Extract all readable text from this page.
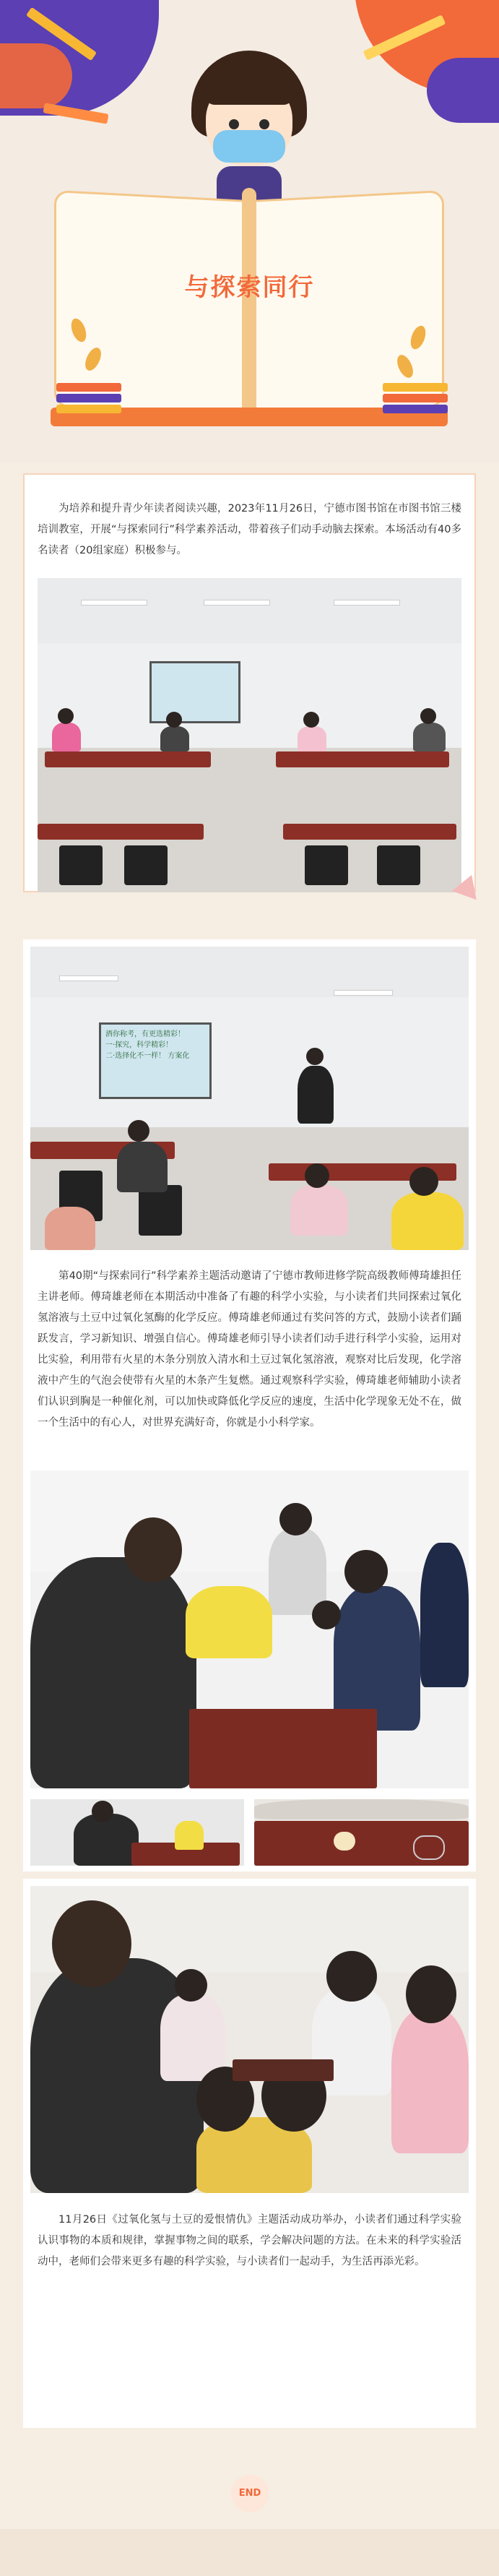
与探索同行
为培养和提升青少年读者阅读兴趣，2023年11月26日，宁德市图书馆在市图书馆三楼培训教室，开展“与探索同行”科学素养活动，带着孩子们动手动脑去探索。本场活动有40多名读者（20组家庭）积极参与。
酒你称考，有更选精彩！
一·探究，科学精彩！
二·选择化不一样！ 方案化
第40期“与探索同行”科学素养主题活动邀请了宁德市教师进修学院高级教师傅琦雄担任主讲老师。傅琦雄老师在本期活动中准备了有趣的科学小实验，与小读者们共同探索过氧化氢溶液与土豆中过氧化氢酶的化学反应。傅琦雄老师通过有奖问答的方式，鼓励小读者们踊跃发言，学习新知识、增强自信心。傅琦雄老师引导小读者们动手进行科学小实验，运用对比实验，利用带有火星的木条分别放入清水和土豆过氧化氢溶液，观察对比后发现，化学溶液中产生的气泡会使带有火星的木条产生复燃。通过观察科学实验，傅琦雄老师辅助小读者们认识到胸是一种催化剂，可以加快或降低化学反应的速度，生活中化学现象无处不在，做一个生活中的有心人，对世界充满好奇，你就是小小科学家。
11月26日《过氧化氢与土豆的爱恨情仇》主题活动成功举办，小读者们通过科学实验认识事物的本质和规律，掌握事物之间的联系，学会解决问题的方法。在未来的科学实验活动中，老师们会带来更多有趣的科学实验，与小读者们一起动手，为生活再添光彩。
END
